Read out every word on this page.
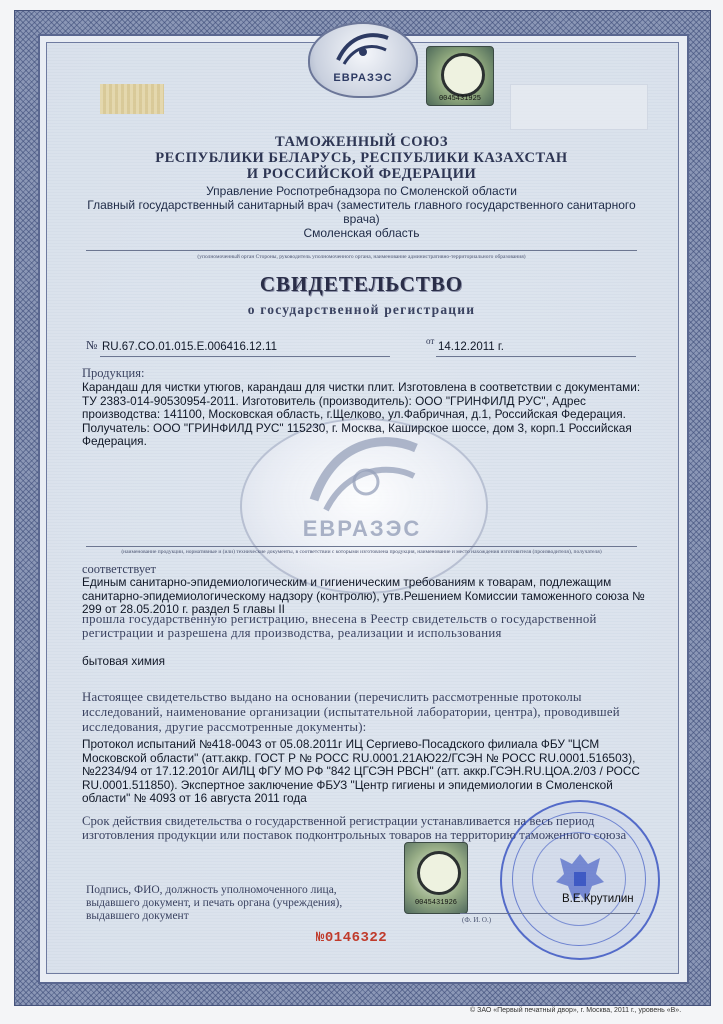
ЕВРАЗЭС
0045431925
ТАМОЖЕННЫЙ СОЮЗ
РЕСПУБЛИКИ БЕЛАРУСЬ, РЕСПУБЛИКИ КАЗАХСТАН
И РОССИЙСКОЙ ФЕДЕРАЦИИ
Управление Роспотребнадзора по Смоленской области
Главный государственный санитарный врач (заместитель главного государственного санитарного
врача)
Смоленская область
(уполномоченный орган Стороны, руководитель уполномоченного органа, наименование административно-территориального образования)
СВИДЕТЕЛЬСТВО
о государственной регистрации
№ RU.67.CO.01.015.E.006416.12.11	от 14.12.2011 г.
ЕВРАЗЭС
Продукция:
Карандаш для чистки утюгов, карандаш для чистки плит. Изготовлена в соответствии с документами: ТУ 2383-014-90530954-2011. Изготовитель (производитель): ООО "ГРИНФИЛД РУС", Адрес производства: 141100, Московская область, г.Щелково, ул.Фабричная, д.1, Российская Федерация. Получатель: ООО "ГРИНФИЛД РУС" 115230, г. Москва, Каширское шоссе, дом 3, корп.1 Российская Федерация.
(наименование продукции, нормативные и (или) технические документы, в соответствии с которыми изготовлена продукция, наименование и место нахождения изготовителя (производителя), получателя)
соответствует
Единым санитарно-эпидемиологическим и гигиеническим требованиям к товарам, подлежащим санитарно-эпидемиологическому надзору (контролю), утв.Решением Комиссии таможенного союза № 299 от 28.05.2010 г. раздел 5 главы II
прошла государственную регистрацию, внесена в Реестр свидетельств о государственной регистрации и разрешена для производства, реализации и использования
бытовая химия
Настоящее свидетельство выдано на основании (перечислить рассмотренные протоколы исследований, наименование организации (испытательной лаборатории, центра), проводившей исследования, другие рассмотренные документы):
Протокол испытаний №418-0043 от 05.08.2011г ИЦ Сергиево-Посадского филиала ФБУ "ЦСМ Московской области" (атт.аккр. ГОСТ Р № РОСС RU.0001.21АЮ22/ГСЭН № РОСС RU.0001.516503), №2234/94 от 17.12.2010г АИЛЦ ФГУ МО РФ "842 ЦГСЭН РВСН" (атт. аккр.ГСЭН.RU.ЦОА.2/03 / РОСС RU.0001.511850). Экспертное заключение ФБУЗ "Центр гигиены и эпидемиологии в Смоленской области" № 4093 от 16 августа 2011 года
Срок действия свидетельства о государственной регистрации устанавливается на весь период изготовления продукции или поставок подконтрольных товаров на территорию таможенного союза
Подпись, ФИО, должность уполномоченного лица, выдавшего документ, и печать органа (учреждения), выдавшего документ
0045431926	В.Е.Крутилин
(Ф. И. О.)
№0146322
© ЗАО «Первый печатный двор», г. Москва, 2011 г., уровень «В».
